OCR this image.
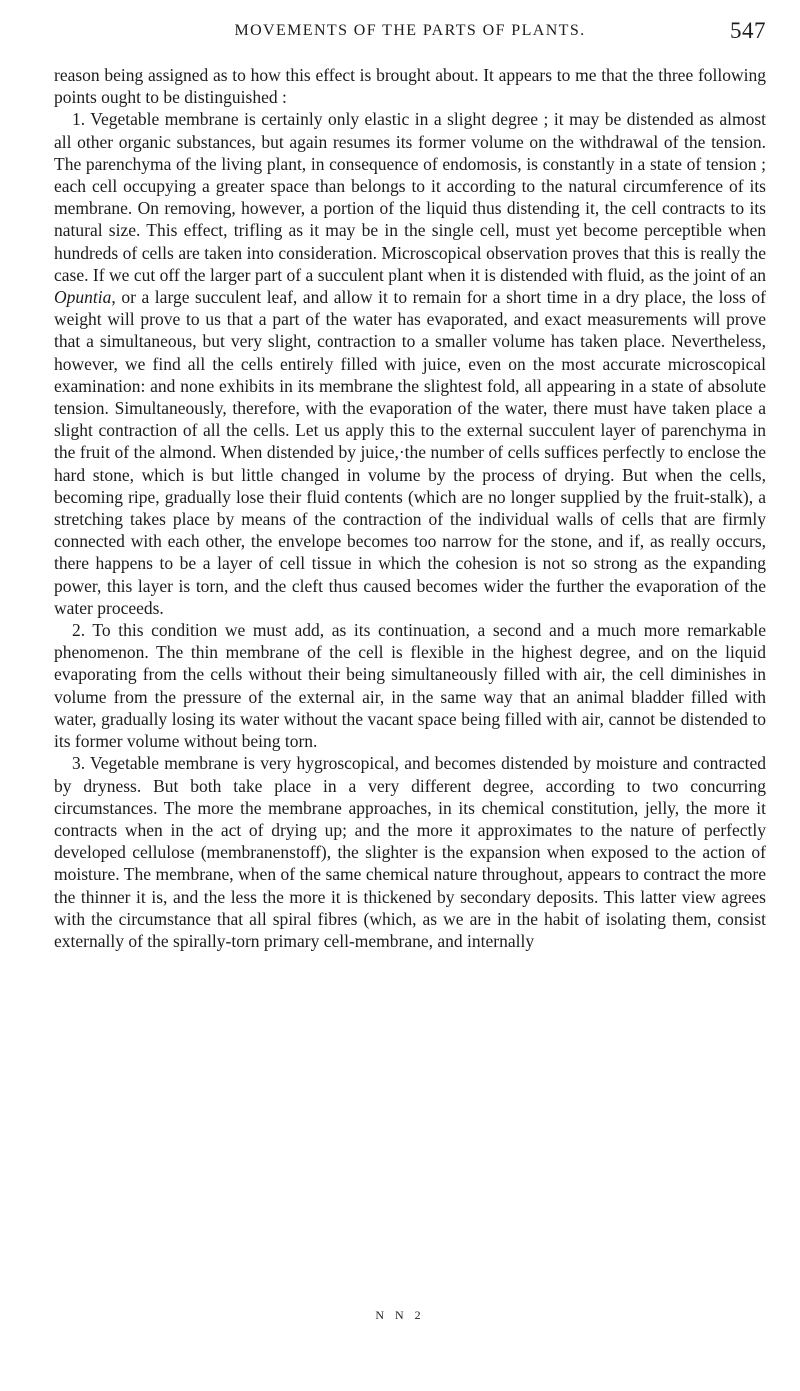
MOVEMENTS OF THE PARTS OF PLANTS.	547

reason being assigned as to how this effect is brought about. It appears to me that the three following points ought to be distinguished :

1. Vegetable membrane is certainly only elastic in a slight degree ; it may be distended as almost all other organic substances, but again resumes its former volume on the withdrawal of the tension. The parenchyma of the living plant, in consequence of endomosis, is constantly in a state of tension ; each cell occupying a greater space than belongs to it according to the natural circumference of its membrane. On removing, however, a portion of the liquid thus distending it, the cell contracts to its natural size. This effect, trifling as it may be in the single cell, must yet become perceptible when hundreds of cells are taken into consideration. Microscopical observation proves that this is really the case. If we cut off the larger part of a succulent plant when it is distended with fluid, as the joint of an Opuntia, or a large succulent leaf, and allow it to remain for a short time in a dry place, the loss of weight will prove to us that a part of the water has evaporated, and exact measurements will prove that a simultaneous, but very slight, contraction to a smaller volume has taken place. Nevertheless, however, we find all the cells entirely filled with juice, even on the most accurate microscopical examination: and none exhibits in its membrane the slightest fold, all appearing in a state of absolute tension. Simultaneously, therefore, with the evaporation of the water, there must have taken place a slight contraction of all the cells. Let us apply this to the external succulent layer of parenchyma in the fruit of the almond. When distended by juice,·the number of cells suffices perfectly to enclose the hard stone, which is but little changed in volume by the process of drying. But when the cells, becoming ripe, gradually lose their fluid contents (which are no longer supplied by the fruit-stalk), a stretching takes place by means of the contraction of the individual walls of cells that are firmly connected with each other, the envelope becomes too narrow for the stone, and if, as really occurs, there happens to be a layer of cell tissue in which the cohesion is not so strong as the expanding power, this layer is torn, and the cleft thus caused becomes wider the further the evaporation of the water proceeds.

2. To this condition we must add, as its continuation, a second and a much more remarkable phenomenon. The thin membrane of the cell is flexible in the highest degree, and on the liquid evaporating from the cells without their being simultaneously filled with air, the cell diminishes in volume from the pressure of the external air, in the same way that an animal bladder filled with water, gradually losing its water without the vacant space being filled with air, cannot be distended to its former volume without being torn.

3. Vegetable membrane is very hygroscopical, and becomes distended by moisture and contracted by dryness. But both take place in a very different degree, according to two concurring circumstances. The more the membrane approaches, in its chemical constitution, jelly, the more it contracts when in the act of drying up; and the more it approximates to the nature of perfectly developed cellulose (membranenstoff), the slighter is the expansion when exposed to the action of moisture. The membrane, when of the same chemical nature throughout, appears to contract the more the thinner it is, and the less the more it is thickened by secondary deposits. This latter view agrees with the circumstance that all spiral fibres (which, as we are in the habit of isolating them, consist externally of the spirally-torn primary cell-membrane, and internally

N N 2
